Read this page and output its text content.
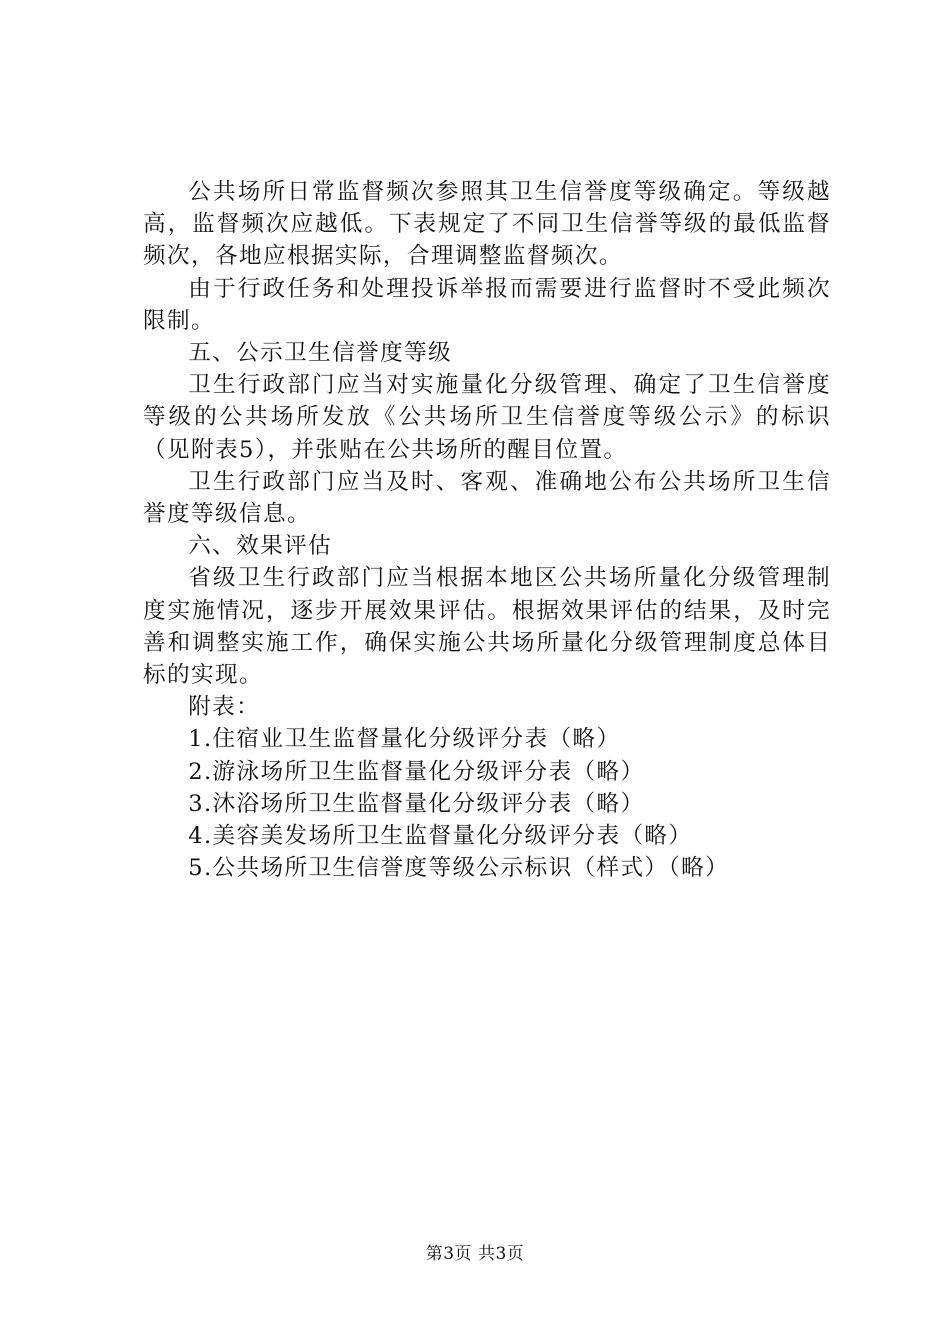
公共场所日常监督频次参照其卫生信誉度等级确定。等级越高，监督频次应越低。下表规定了不同卫生信誉等级的最低监督频次，各地应根据实际，合理调整监督频次。

由于行政任务和处理投诉举报而需要进行监督时不受此频次限制。

五、公示卫生信誉度等级

卫生行政部门应当对实施量化分级管理、确定了卫生信誉度等级的公共场所发放《公共场所卫生信誉度等级公示》的标识（见附表5），并张贴在公共场所的醒目位置。

卫生行政部门应当及时、客观、准确地公布公共场所卫生信誉度等级信息。

六、效果评估

省级卫生行政部门应当根据本地区公共场所量化分级管理制度实施情况，逐步开展效果评估。根据效果评估的结果，及时完善和调整实施工作，确保实施公共场所量化分级管理制度总体目标的实现。

附表：

1.住宿业卫生监督量化分级评分表（略）

2.游泳场所卫生监督量化分级评分表（略）

3.沐浴场所卫生监督量化分级评分表（略）

4.美容美发场所卫生监督量化分级评分表（略）

5.公共场所卫生信誉度等级公示标识（样式）（略）

第3页 共3页
